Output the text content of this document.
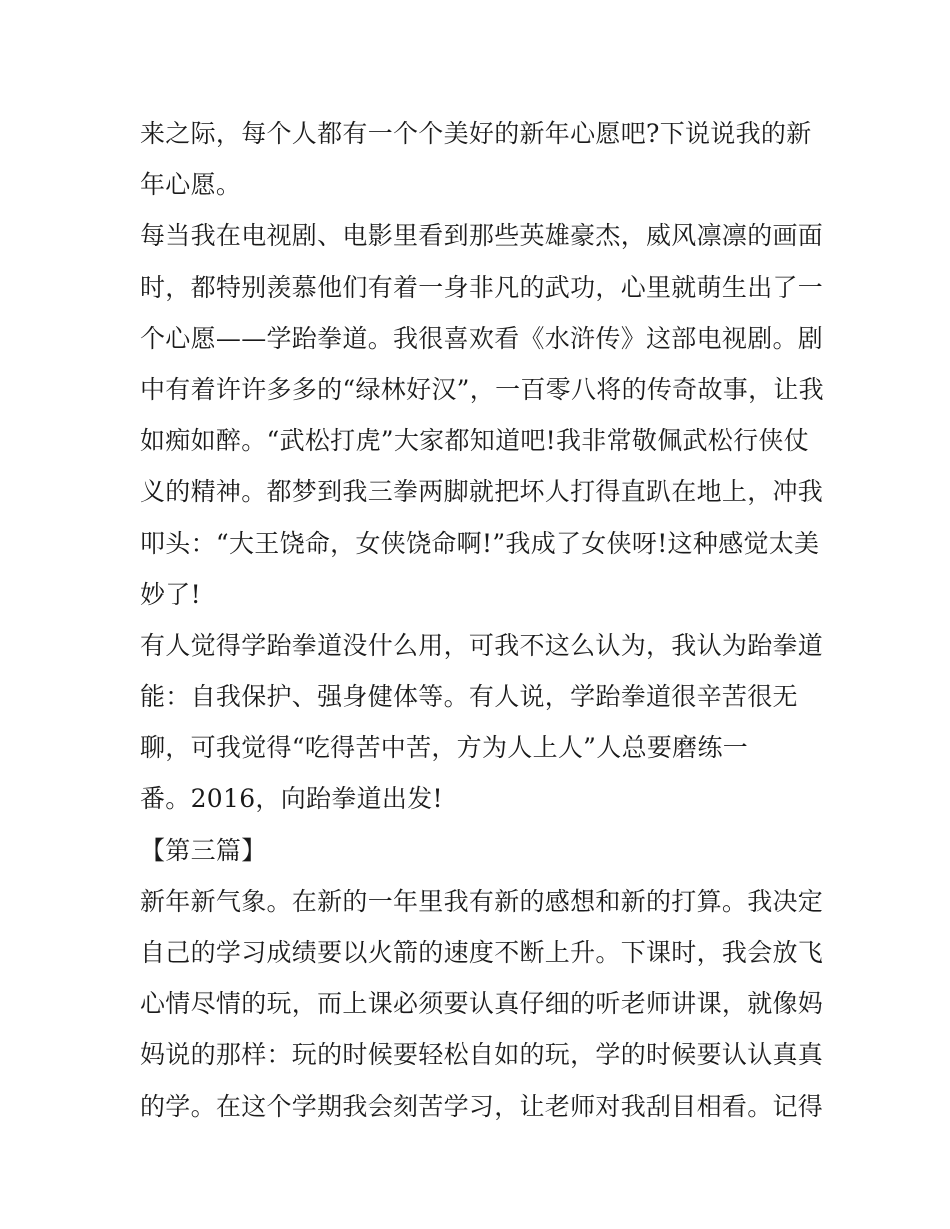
来之际，每个人都有一个个美好的新年心愿吧?下说说我的新
年心愿。
每当我在电视剧、电影里看到那些英雄豪杰，威风凛凛的画面
时，都特别羡慕他们有着一身非凡的武功，心里就萌生出了一
个心愿——学跆拳道。我很喜欢看《水浒传》这部电视剧。剧
中有着许许多多的“绿林好汉”，一百零八将的传奇故事，让我
如痴如醉。“武松打虎”大家都知道吧!我非常敬佩武松行侠仗
义的精神。都梦到我三拳两脚就把坏人打得直趴在地上，冲我
叩头：“大王饶命，女侠饶命啊!”我成了女侠呀!这种感觉太美
妙了!
有人觉得学跆拳道没什么用，可我不这么认为，我认为跆拳道
能：自我保护、强身健体等。有人说，学跆拳道很辛苦很无
聊，可我觉得“吃得苦中苦，方为人上人”人总要磨练一
番。2016，向跆拳道出发!
【第三篇】
新年新气象。在新的一年里我有新的感想和新的打算。我决定
自己的学习成绩要以火箭的速度不断上升。下课时，我会放飞
心情尽情的玩，而上课必须要认真仔细的听老师讲课，就像妈
妈说的那样：玩的时候要轻松自如的玩，学的时候要认认真真
的学。在这个学期我会刻苦学习，让老师对我刮目相看。记得
